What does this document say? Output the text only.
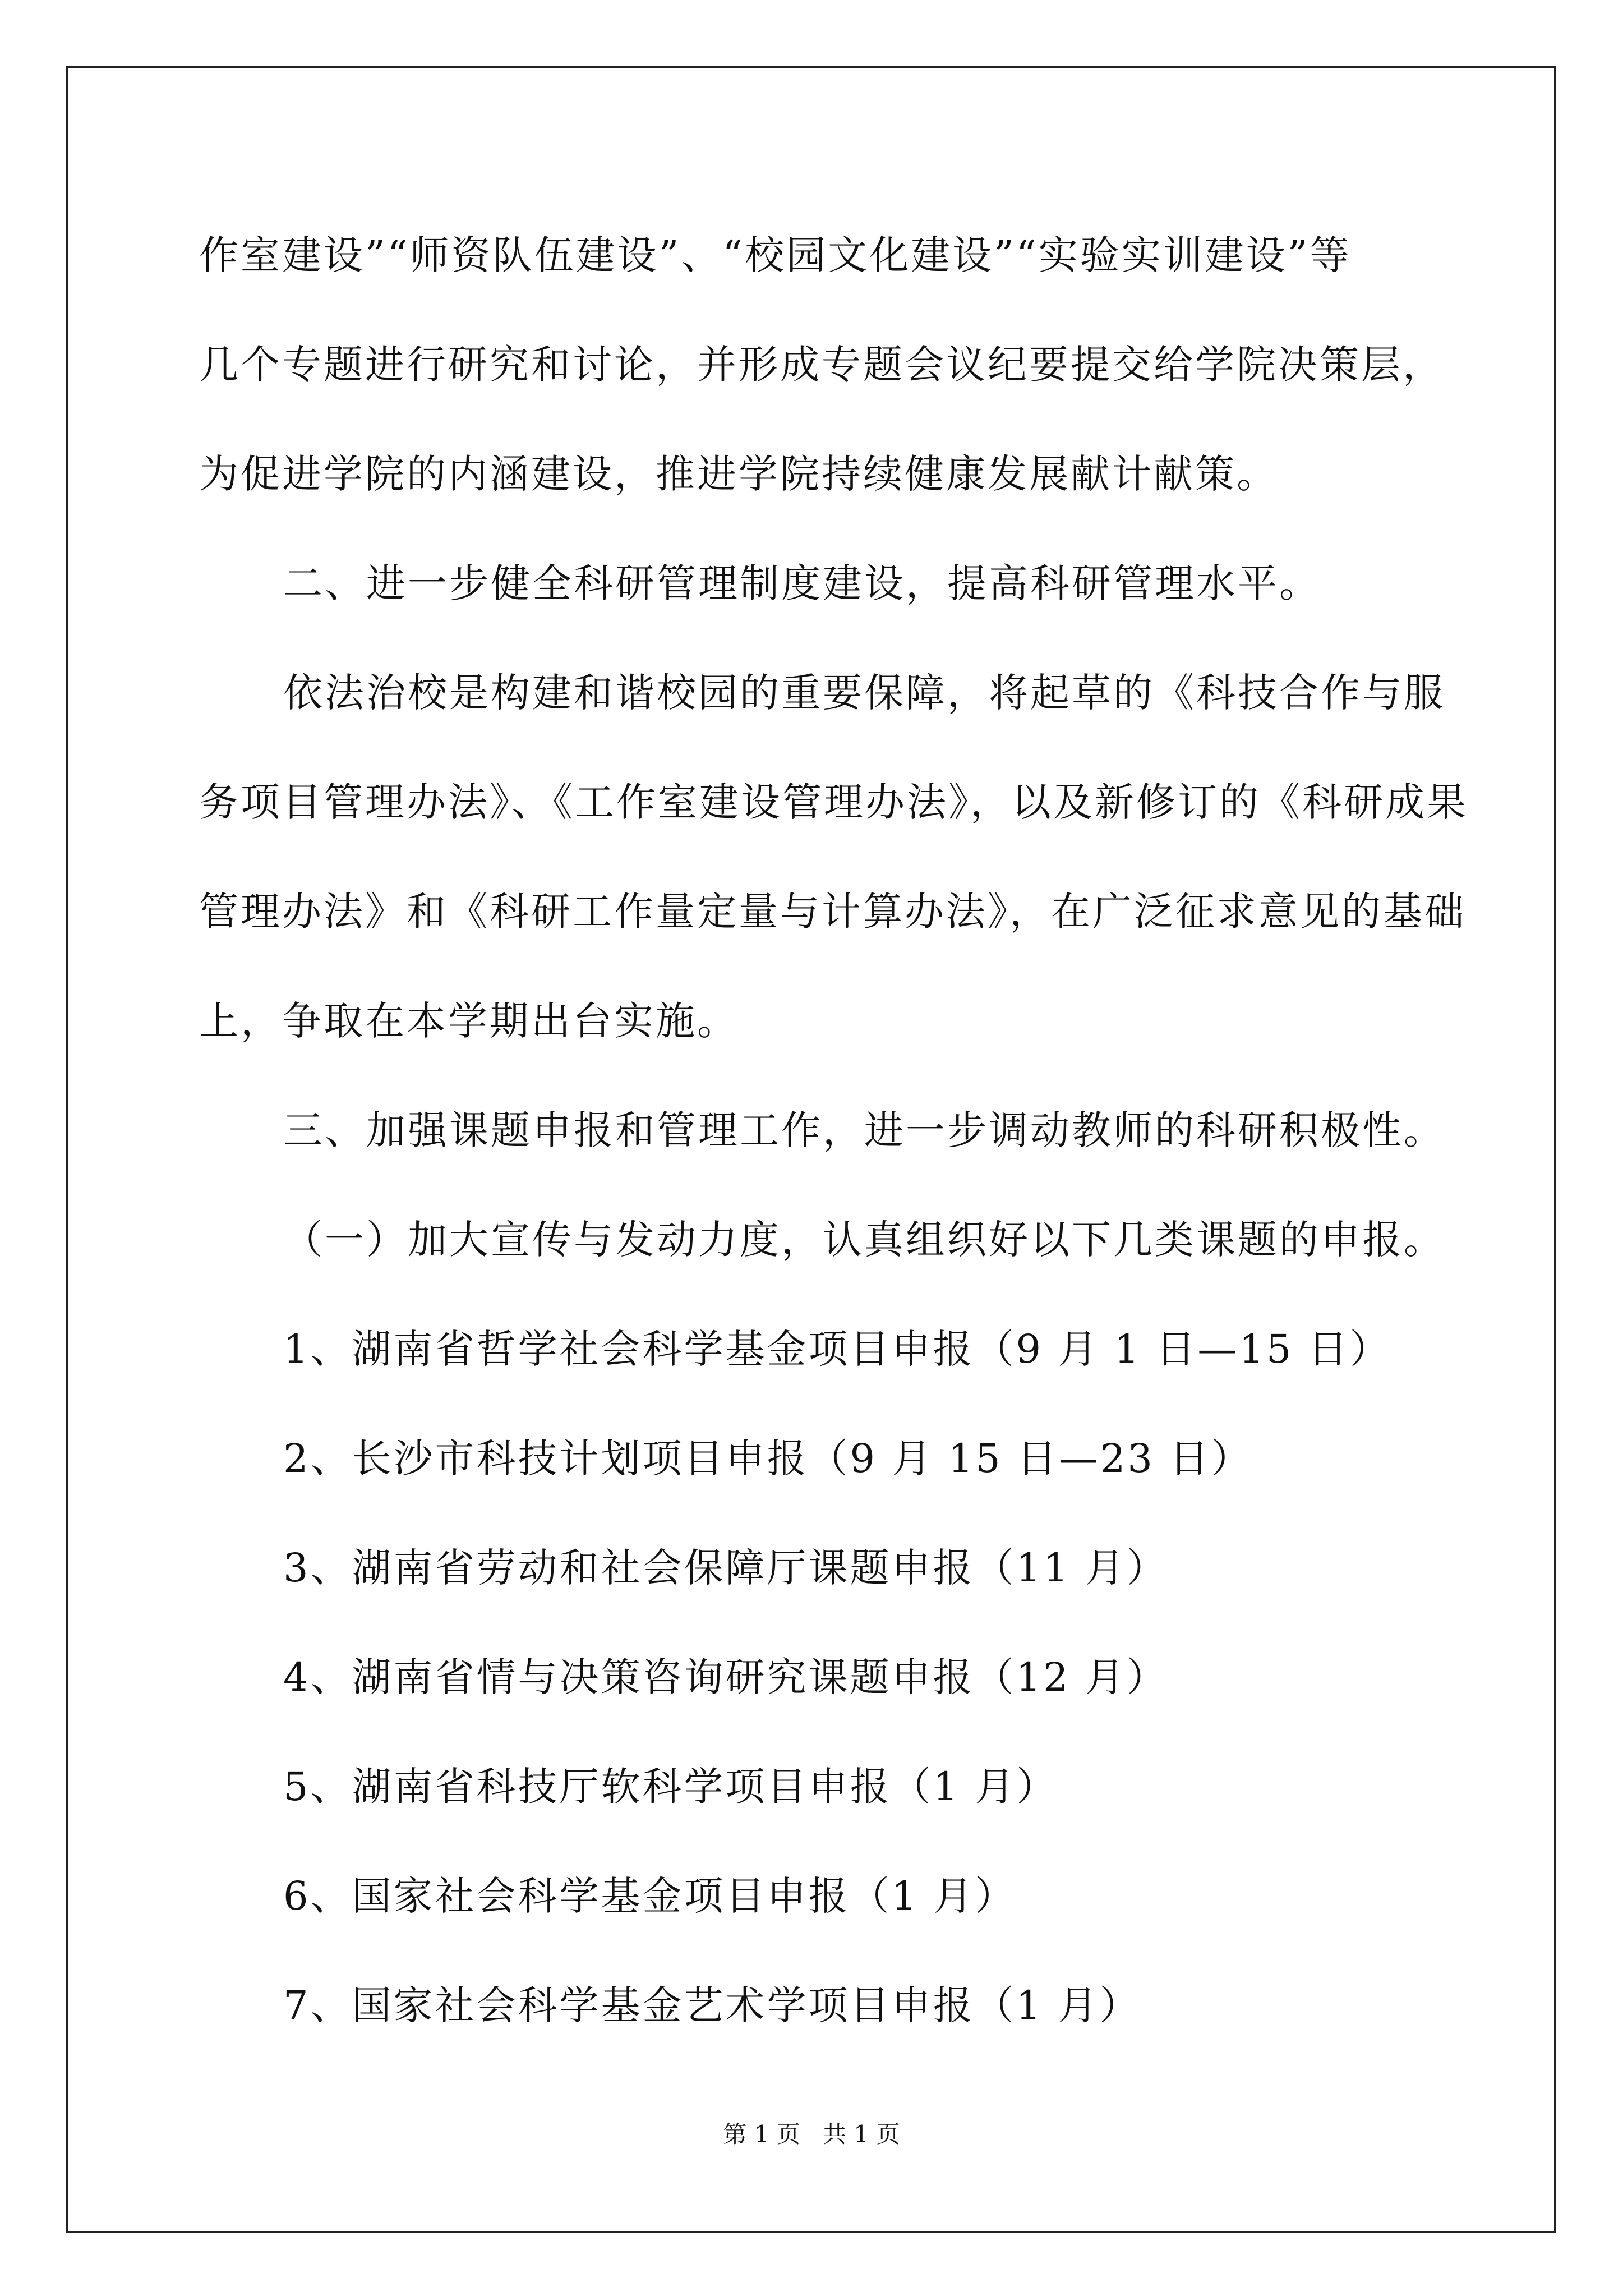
作室建设”“师资队伍建设”、“校园文化建设”“实验实训建设”等
几个专题进行研究和讨论，并形成专题会议纪要提交给学院决策层，
为促进学院的内涵建设，推进学院持续健康发展献计献策。
二、进一步健全科研管理制度建设，提高科研管理水平。
依法治校是构建和谐校园的重要保障，将起草的《科技合作与服
务项目管理办法》、《工作室建设管理办法》，以及新修订的《科研成果
管理办法》和《科研工作量定量与计算办法》，在广泛征求意见的基础
上，争取在本学期出台实施。
三、加强课题申报和管理工作，进一步调动教师的科研积极性。
（一）加大宣传与发动力度，认真组织好以下几类课题的申报。
1、湖南省哲学社会科学基金项目申报（9 月 1 日—15 日）
2、长沙市科技计划项目申报（9 月 15 日—23 日）
3、湖南省劳动和社会保障厅课题申报（11 月）
4、湖南省情与决策咨询研究课题申报（12 月）
5、湖南省科技厅软科学项目申报（1 月）
6、国家社会科学基金项目申报（1 月）
7、国家社会科学基金艺术学项目申报（1 月）
第 1 页   共 1 页
